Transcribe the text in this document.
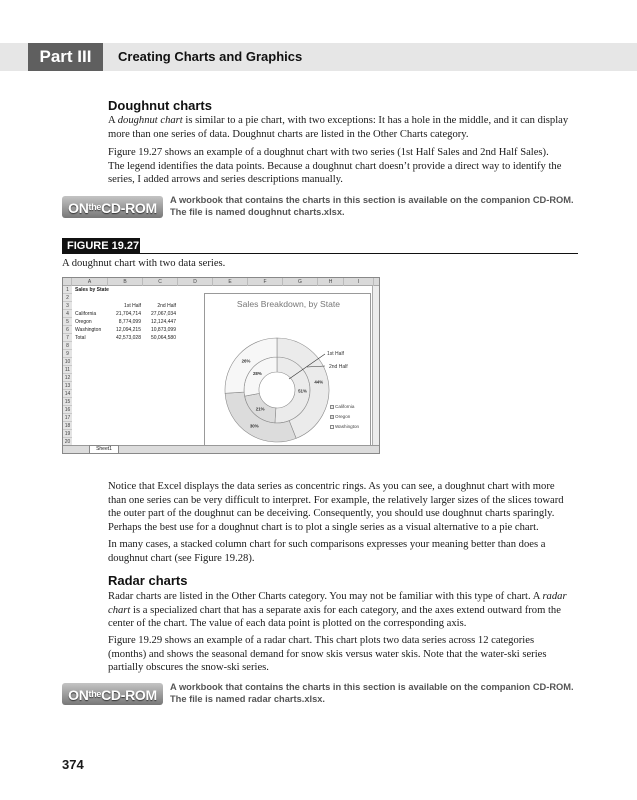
Part III	Creating Charts and Graphics
Doughnut charts
A doughnut chart is similar to a pie chart, with two exceptions: It has a hole in the middle, and it can display
more than one series of data. Doughnut charts are listed in the Other Charts category.
Figure 19.27 shows an example of a doughnut chart with two series (1st Half Sales and 2nd Half Sales).
The legend identifies the data points. Because a doughnut chart doesn’t provide a direct way to identify the
series, I added arrows and series descriptions manually.
$ON^{the}CD$-ROM	A workbook that contains the charts in this section is available on the companion CD-ROM.
The file is named doughnut charts.xlsx.
FIGURE 19.27
A doughnut chart with two data series.
A	B	C	D	E	F	G	H	I
1
2
3
4
5
6
7
8
9
10
11
12
13
14
15
16
17
18
19
20
Sales by State
1st Half	2nd Half
California	21,704,714	27,067,034
Oregon	8,774,099	12,124,447
Washington	12,094,215	10,873,099
Total	42,573,028	50,064,580
Sales Breakdown, by State
51%
21%
28%
44%
30%
26%
1st Half
2nd Half
California
Oregon
Washington
Sheet1
Notice that Excel displays the data series as concentric rings. As you can see, a doughnut chart with more
than one series can be very difficult to interpret. For example, the relatively larger sizes of the slices toward
the outer part of the doughnut can be deceiving. Consequently, you should use doughnut charts sparingly.
Perhaps the best use for a doughnut chart is to plot a single series as a visual alternative to a pie chart.
In many cases, a stacked column chart for such comparisons expresses your meaning better than does a
doughnut chart (see Figure 19.28).
Radar charts
Radar charts are listed in the Other Charts category. You may not be familiar with this type of chart. A radar
chart is a specialized chart that has a separate axis for each category, and the axes extend outward from the
center of the chart. The value of each data point is plotted on the corresponding axis.
Figure 19.29 shows an example of a radar chart. This chart plots two data series across 12 categories
(months) and shows the seasonal demand for snow skis versus water skis. Note that the water-ski series
partially obscures the snow-ski series.
$ON^{the}CD$-ROM	A workbook that contains the charts in this section is available on the companion CD-ROM.
The file is named radar charts.xlsx.
374
